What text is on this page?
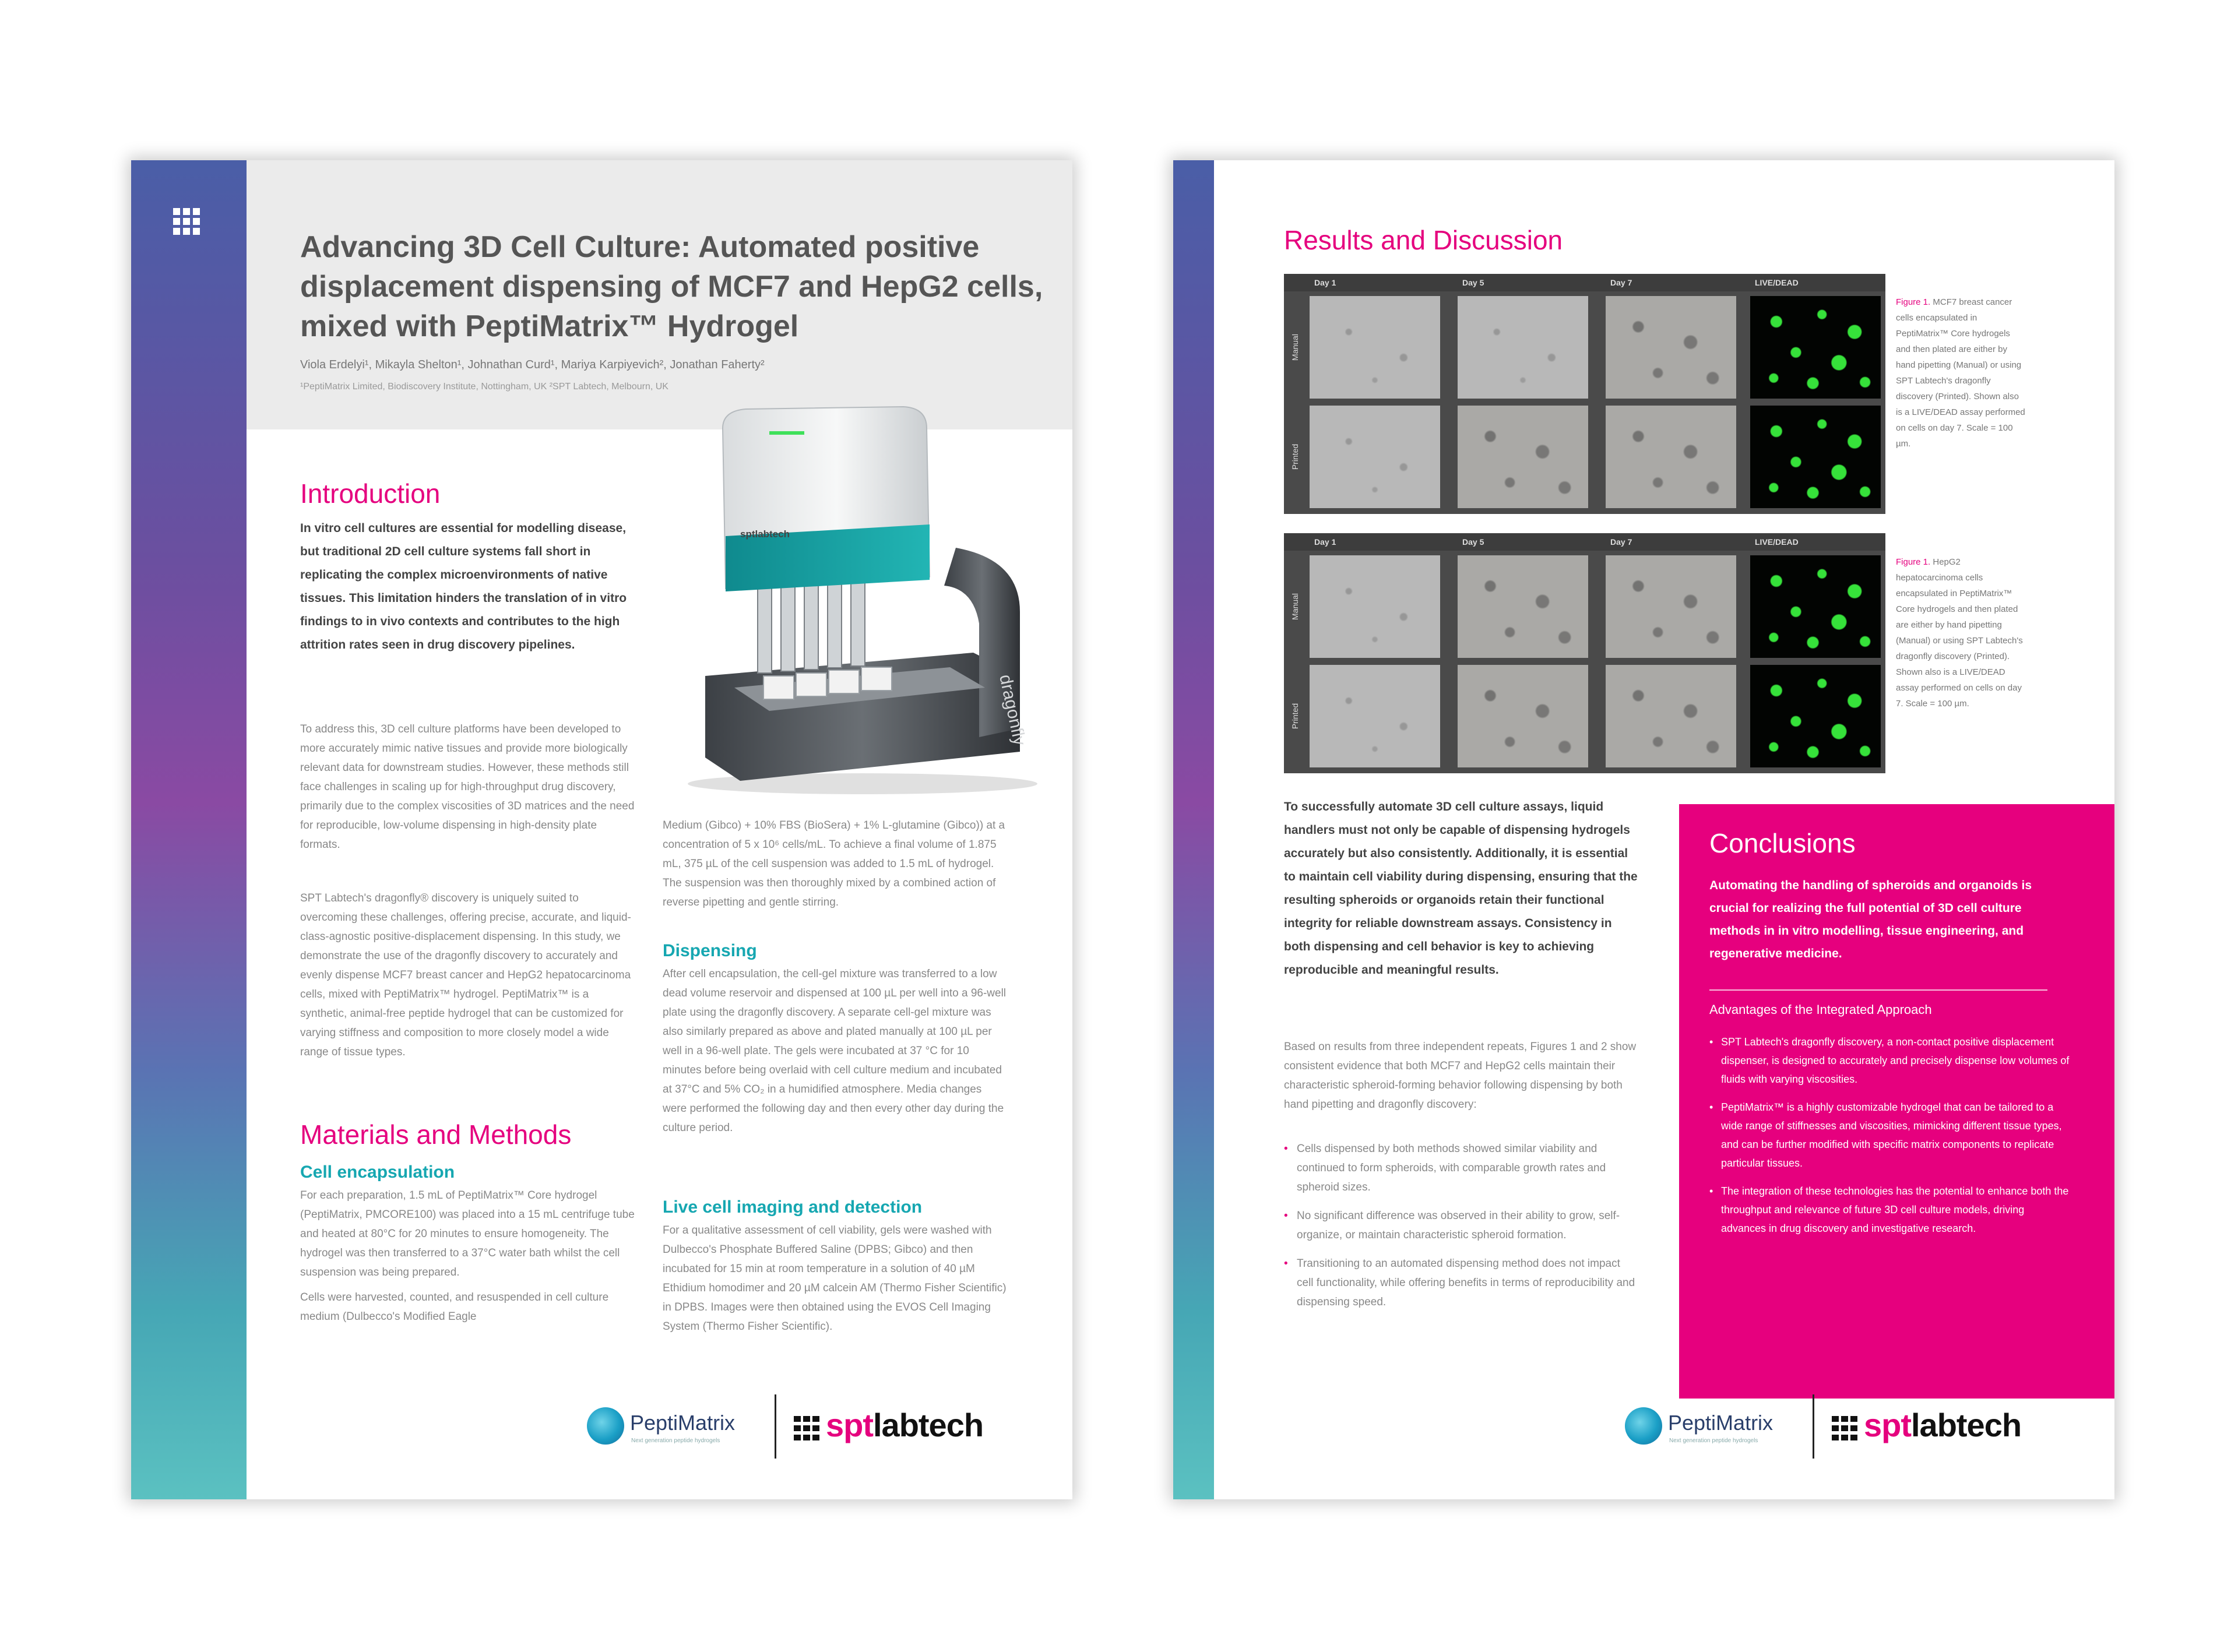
Advancing 3D Cell Culture: Automated positive displacement dispensing of MCF7 and HepG2 cells, mixed with PeptiMatrix™ Hydrogel
Viola Erdelyi¹, Mikayla Shelton¹, Johnathan Curd¹, Mariya Karpiyevich², Jonathan Faherty²
¹PeptiMatrix Limited, Biodiscovery Institute, Nottingham, UK ²SPT Labtech, Melbourn, UK
dragonfly
sptlabtech
Introduction

In vitro cell cultures are essential for modelling disease, but traditional 2D cell culture systems fall short in replicating the complex microenvironments of native tissues. This limitation hinders the translation of in vitro findings to in vivo contexts and contributes to the high attrition rates seen in drug discovery pipelines.

To address this, 3D cell culture platforms have been developed to more accurately mimic native tissues and provide more biologically relevant data for downstream studies. However, these methods still face challenges in scaling up for high-throughput drug discovery, primarily due to the complex viscosities of 3D matrices and the need for reproducible, low-volume dispensing in high-density plate formats.

SPT Labtech's dragonfly® discovery is uniquely suited to overcoming these challenges, offering precise, accurate, and liquid-class-agnostic positive-displacement dispensing. In this study, we demonstrate the use of the dragonfly discovery to accurately and evenly dispense MCF7 breast cancer and HepG2 hepatocarcinoma cells, mixed with PeptiMatrix™ hydrogel. PeptiMatrix™ is a synthetic, animal-free peptide hydrogel that can be customized for varying stiffness and composition to more closely model a wide range of tissue types.

Materials and Methods
Cell encapsulation

For each preparation, 1.5 mL of PeptiMatrix™ Core hydrogel (PeptiMatrix, PMCORE100) was placed into a 15 mL centrifuge tube and heated at 80°C for 20 minutes to ensure homogeneity. The hydrogel was then transferred to a 37°C water bath whilst the cell suspension was being prepared.

Cells were harvested, counted, and resuspended in cell culture medium (Dulbecco's Modified Eagle

Medium (Gibco) + 10% FBS (BioSera) + 1% L-glutamine (Gibco)) at a concentration of 5 x 10⁶ cells/mL. To achieve a final volume of 1.875 mL, 375 µL of the cell suspension was added to 1.5 mL of hydrogel. The suspension was then thoroughly mixed by a combined action of reverse pipetting and gentle stirring.

Dispensing

After cell encapsulation, the cell-gel mixture was transferred to a low dead volume reservoir and dispensed at 100 µL per well into a 96-well plate using the dragonfly discovery. A separate cell-gel mixture was also similarly prepared as above and plated manually at 100 µL per well in a 96-well plate. The gels were incubated at 37 °C for 10 minutes before being overlaid with cell culture medium and incubated at 37°C and 5% CO₂ in a humidified atmosphere. Media changes were performed the following day and then every other day during the culture period.

Live cell imaging and detection

For a qualitative assessment of cell viability, gels were washed with Dulbecco's Phosphate Buffered Saline (DPBS; Gibco) and then incubated for 15 min at room temperature in a solution of 40 µM Ethidium homodimer and 20 µM calcein AM (Thermo Fisher Scientific) in DPBS. Images were then obtained using the EVOS Cell Imaging System (Thermo Fisher Scientific).

PeptiMatrix
Next generation peptide hydrogels	sptlabtech
Results and Discussion
Day 1	Day 5	Day 7	LIVE/DEAD
Manual
Printed

Figure 1. MCF7 breast cancer cells encapsulated in PeptiMatrix™ Core hydrogels and then plated are either by hand pipetting (Manual) or using SPT Labtech's dragonfly discovery (Printed). Shown also is a LIVE/DEAD assay performed on cells on day 7. Scale = 100 µm.

Day 1	Day 5	Day 7	LIVE/DEAD
Manual
Printed

Figure 1. HepG2 hepatocarcinoma cells encapsulated in PeptiMatrix™ Core hydrogels and then plated are either by hand pipetting (Manual) or using SPT Labtech's dragonfly discovery (Printed). Shown also is a LIVE/DEAD assay performed on cells on day 7. Scale = 100 µm.

To successfully automate 3D cell culture assays, liquid handlers must not only be capable of dispensing hydrogels accurately but also consistently. Additionally, it is essential to maintain cell viability during dispensing, ensuring that the resulting spheroids or organoids retain their functional integrity for reliable downstream assays. Consistency in both dispensing and cell behavior is key to achieving reproducible and meaningful results.

Based on results from three independent repeats, Figures 1 and 2 show consistent evidence that both MCF7 and HepG2 cells maintain their characteristic spheroid-forming behavior following dispensing by both hand pipetting and dragonfly discovery:

• Cells dispensed by both methods showed similar viability and continued to form spheroids, with comparable growth rates and spheroid sizes.
• No significant difference was observed in their ability to grow, self-organize, or maintain characteristic spheroid formation.
• Transitioning to an automated dispensing method does not impact cell functionality, while offering benefits in terms of reproducibility and dispensing speed.
Conclusions

Automating the handling of spheroids and organoids is crucial for realizing the full potential of 3D cell culture methods in in vitro modelling, tissue engineering, and regenerative medicine.

Advantages of the Integrated Approach
• SPT Labtech's dragonfly discovery, a non-contact positive displacement dispenser, is designed to accurately and precisely dispense low volumes of fluids with varying viscosities.
• PeptiMatrix™ is a highly customizable hydrogel that can be tailored to a wide range of stiffnesses and viscosities, mimicking different tissue types, and can be further modified with specific matrix components to replicate particular tissues.
• The integration of these technologies has the potential to enhance both the throughput and relevance of future 3D cell culture models, driving advances in drug discovery and investigative research.
PeptiMatrix
Next generation peptide hydrogels	sptlabtech
